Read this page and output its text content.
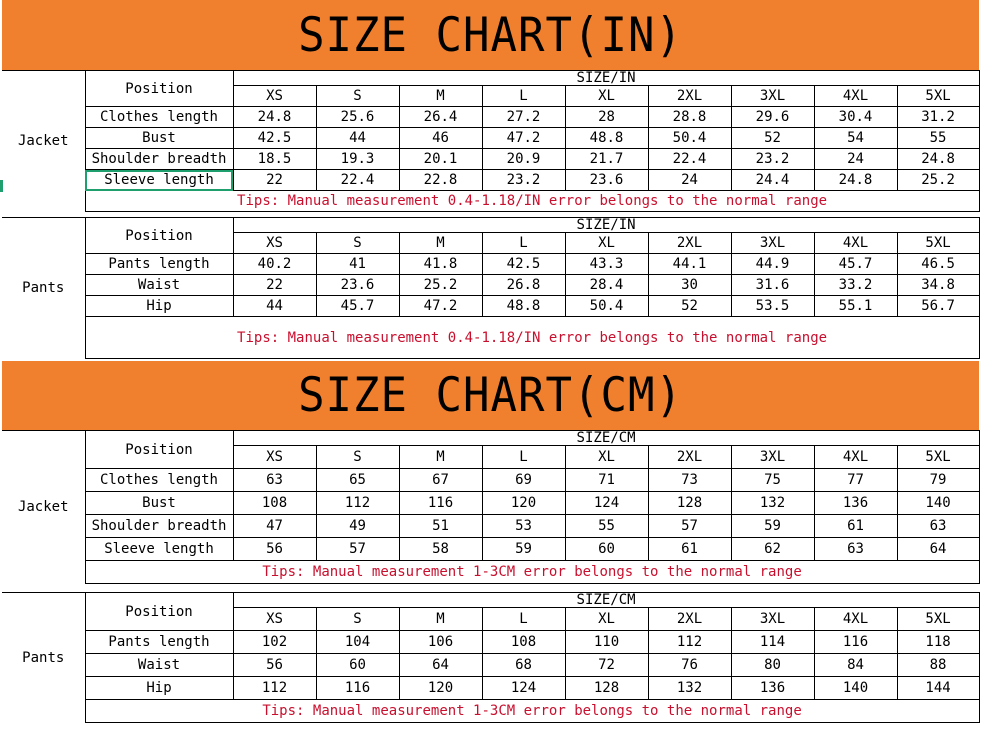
SIZE CHART(IN)
Jacket	Position	SIZE/IN								
		XS	S	M	L	XL	2XL	3XL	4XL	5XL
	Clothes length	24.8	25.6	26.4	27.2	28	28.8	29.6	30.4	31.2
	Bust	42.5	44	46	47.2	48.8	50.4	52	54	55
	Shoulder breadth	18.5	19.3	20.1	20.9	21.7	22.4	23.2	24	24.8
	Sleeve length	22	22.4	22.8	23.2	23.6	24	24.4	24.8	25.2
	Tips: Manual measurement 0.4-1.18/IN error belongs to the normal range									
Pants	Position	SIZE/IN								
		XS	S	M	L	XL	2XL	3XL	4XL	5XL
	Pants length	40.2	41	41.8	42.5	43.3	44.1	44.9	45.7	46.5
	Waist	22	23.6	25.2	26.8	28.4	30	31.6	33.2	34.8
	Hip	44	45.7	47.2	48.8	50.4	52	53.5	55.1	56.7
	Tips: Manual measurement 0.4-1.18/IN error belongs to the normal range									
SIZE CHART(CM)
Jacket	Position	SIZE/CM								
		XS	S	M	L	XL	2XL	3XL	4XL	5XL
	Clothes length	63	65	67	69	71	73	75	77	79
	Bust	108	112	116	120	124	128	132	136	140
	Shoulder breadth	47	49	51	53	55	57	59	61	63
	Sleeve length	56	57	58	59	60	61	62	63	64
	Tips: Manual measurement 1-3CM error belongs to the normal range									
Pants	Position	SIZE/CM								
		XS	S	M	L	XL	2XL	3XL	4XL	5XL
	Pants length	102	104	106	108	110	112	114	116	118
	Waist	56	60	64	68	72	76	80	84	88
	Hip	112	116	120	124	128	132	136	140	144
	Tips: Manual measurement 1-3CM error belongs to the normal range									
